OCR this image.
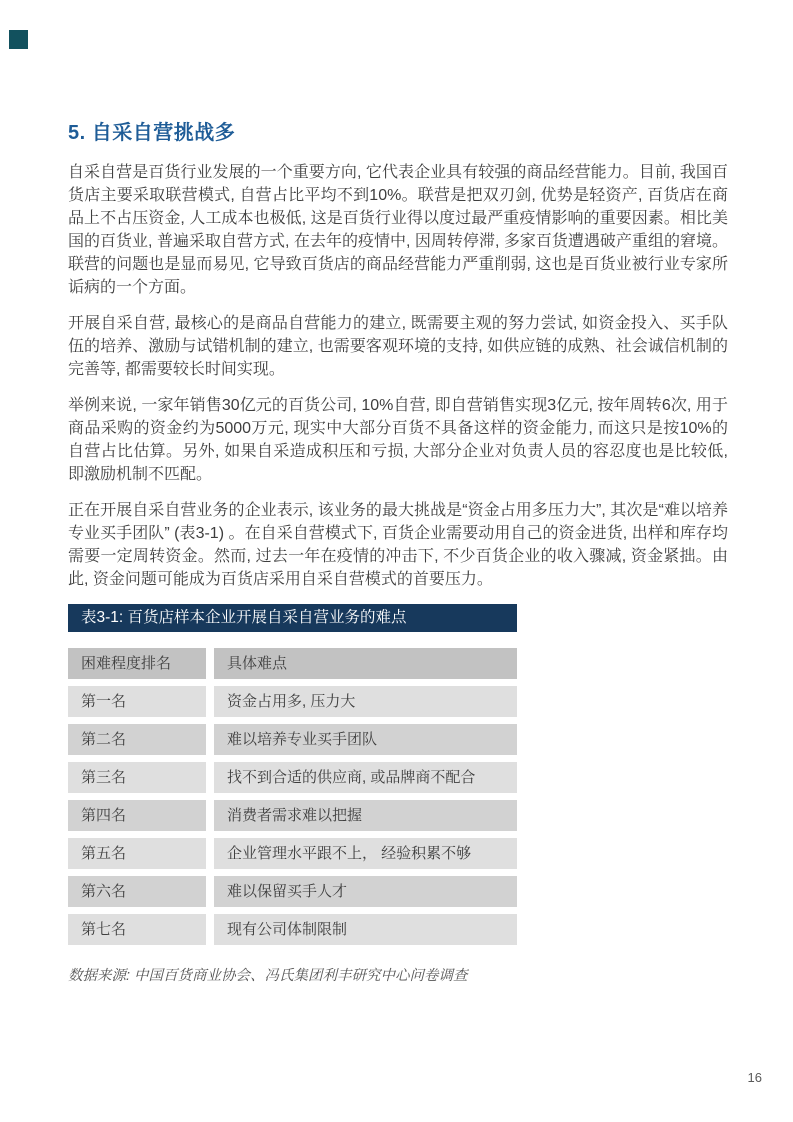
5. 自采自营挑战多

自采自营是百货行业发展的一个重要方向, 它代表企业具有较强的商品经营能力。目前, 我国百货店主要采取联营模式, 自营占比平均不到10%。联营是把双刃剑, 优势是轻资产, 百货店在商品上不占压资金, 人工成本也极低, 这是百货行业得以度过最严重疫情影响的重要因素。相比美国的百货业, 普遍采取自营方式, 在去年的疫情中, 因周转停滞, 多家百货遭遇破产重组的窘境。联营的问题也是显而易见, 它导致百货店的商品经营能力严重削弱, 这也是百货业被行业专家所诟病的一个方面。

开展自采自营, 最核心的是商品自营能力的建立, 既需要主观的努力尝试, 如资金投入、买手队伍的培养、激励与试错机制的建立, 也需要客观环境的支持, 如供应链的成熟、社会诚信机制的完善等, 都需要较长时间实现。

举例来说, 一家年销售30亿元的百货公司, 10%自营, 即自营销售实现3亿元, 按年周转6次, 用于商品采购的资金约为5000万元, 现实中大部分百货不具备这样的资金能力, 而这只是按10%的自营占比估算。另外, 如果自采造成积压和亏损, 大部分企业对负责人员的容忍度也是比较低, 即激励机制不匹配。

正在开展自采自营业务的企业表示, 该业务的最大挑战是“资金占用多压力大”, 其次是“难以培养专业买手团队” (表3-1) 。在自采自营模式下, 百货企业需要动用自己的资金进货, 出样和库存均需要一定周转资金。然而, 过去一年在疫情的冲击下, 不少百货企业的收入骤减, 资金紧拙。由此, 资金问题可能成为百货店采用自采自营模式的首要压力。

表3-1: 百货店样本企业开展自采自营业务的难点
困难程度排名	具体难点
第一名	资金占用多, 压力大
第二名	难以培养专业买手团队
第三名	找不到合适的供应商, 或品牌商不配合
第四名	消费者需求难以把握
第五名	企业管理水平跟不上， 经验积累不够
第六名	难以保留买手人才
第七名	现有公司体制限制
数据来源: 中国百货商业协会、冯氏集团利丰研究中心问卷调查
16
